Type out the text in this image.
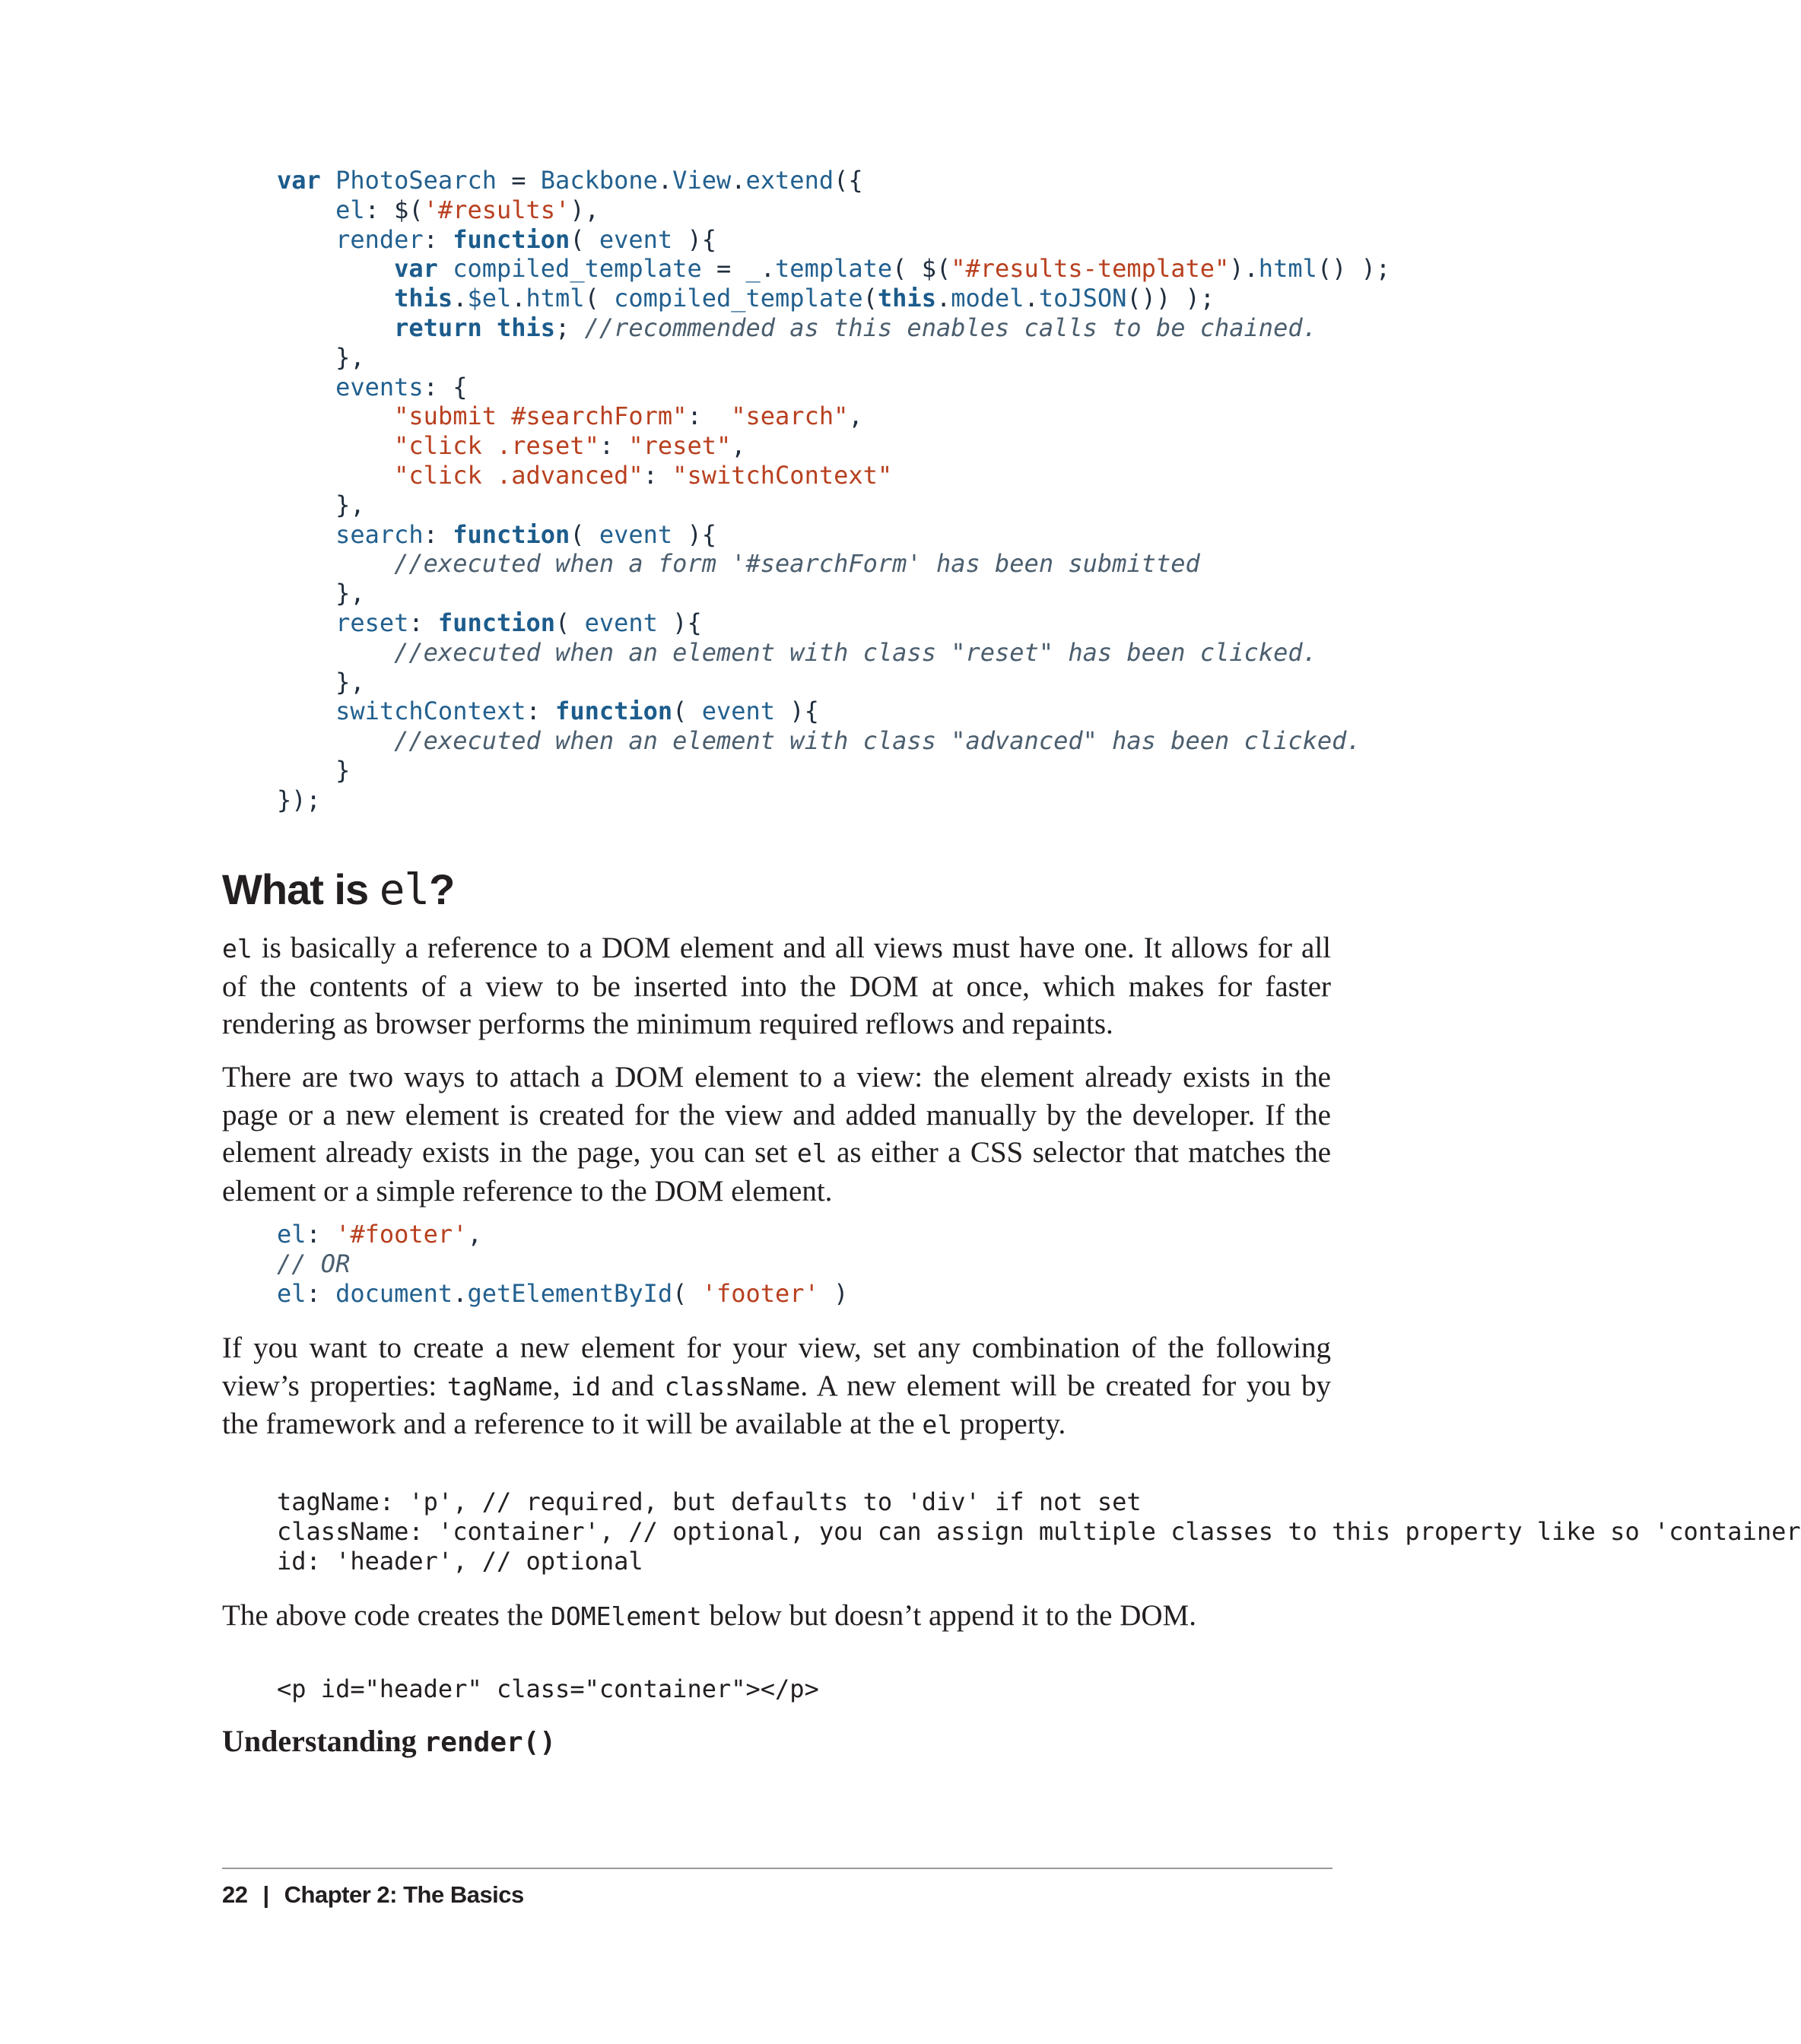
var PhotoSearch = Backbone.View.extend({
el: $('#results'),
render: function( event ){
var compiled_template = _.template( $("#results-template").html() );
this.$el.html( compiled_template(this.model.toJSON()) );
return this; //recommended as this enables calls to be chained.
},
events: {
"submit #searchForm":  "search",
"click .reset": "reset",
"click .advanced": "switchContext"
},
search: function( event ){
//executed when a form '#searchForm' has been submitted
},
reset: function( event ){
//executed when an element with class "reset" has been clicked.
},
switchContext: function( event ){
//executed when an element with class "advanced" has been clicked.
}
});
What is el?

el is basically a reference to a DOM element and all views must have one. It allows for all of the contents of a view to be inserted into the DOM at once, which makes for faster rendering as browser performs the minimum required reflows and repaints.

There are two ways to attach a DOM element to a view: the element already exists in the page or a new element is created for the view and added manually by the developer. If the element already exists in the page, you can set el as either a CSS selector that matches the element or a simple reference to the DOM element.

el: '#footer',
// OR
el: document.getElementById( 'footer' )

If you want to create a new element for your view, set any combination of the following view’s properties: tagName, id and className. A new element will be created for you by the framework and a reference to it will be available at the el property.

tagName: 'p', // required, but defaults to 'div' if not set
className: 'container', // optional, you can assign multiple classes to this property like so 'container
id: 'header', // optional

The above code creates the DOMElement below but doesn’t append it to the DOM.

<p id="header" class="container"></p>
Understanding render()
22 | Chapter 2: The Basics
